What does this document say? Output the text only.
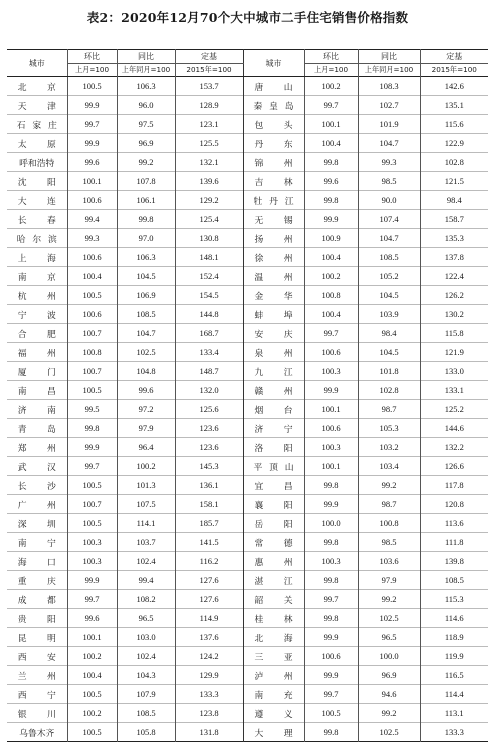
表2：2020年12月70个大中城市二手住宅销售价格指数
城市	环比	同比	定基	城市	环比	同比	定基
	上月=100	上年同月=100	2015年=100		上月=100	上年同月=100	2015年=100

北 京	100.5	106.3	153.7	唐 山	100.2	108.3	142.6

天 津	99.9	96.0	128.9	秦 皇 岛	99.7	102.7	135.1

石 家 庄	99.7	97.5	123.1	包 头	100.1	101.9	115.6

太 原	99.9	96.9	125.5	丹 东	100.4	104.7	122.9
呼和浩特	99.6	99.2	132.1	锦 州	99.8	99.3	102.8

沈 阳	100.1	107.8	139.6	吉 林	99.6	98.5	121.5

大 连	100.6	106.1	129.2	牡 丹 江	99.8	90.0	98.4

长 春	99.4	99.8	125.4	无 锡	99.9	107.4	158.7

哈 尔 滨	99.3	97.0	130.8	扬 州	100.9	104.7	135.3

上 海	100.6	106.3	148.1	徐 州	100.4	108.5	137.8

南 京	100.4	104.5	152.4	温 州	100.2	105.2	122.4

杭 州	100.5	106.9	154.5	金 华	100.8	104.5	126.2

宁 波	100.6	108.5	144.8	蚌 埠	100.4	103.9	130.2

合 肥	100.7	104.7	168.7	安 庆	99.7	98.4	115.8

福 州	100.8	102.5	133.4	泉 州	100.6	104.5	121.9

厦 门	100.7	104.8	148.7	九 江	100.3	101.8	133.0

南 昌	100.5	99.6	132.0	赣 州	99.9	102.8	133.1

济 南	99.5	97.2	125.6	烟 台	100.1	98.7	125.2

青 岛	99.8	97.9	123.6	济 宁	100.6	105.3	144.6

郑 州	99.9	96.4	123.6	洛 阳	100.3	103.2	132.2

武 汉	99.7	100.2	145.3	平 顶 山	100.1	103.4	126.6

长 沙	100.5	101.3	136.1	宜 昌	99.8	99.2	117.8

广 州	100.7	107.5	158.1	襄 阳	99.9	98.7	120.8

深 圳	100.5	114.1	185.7	岳 阳	100.0	100.8	113.6

南 宁	100.3	103.7	141.5	常 德	99.8	98.5	111.8

海 口	100.3	102.4	116.2	惠 州	100.3	103.6	139.8

重 庆	99.9	99.4	127.6	湛 江	99.8	97.9	108.5

成 都	99.7	108.2	127.6	韶 关	99.7	99.2	115.3

贵 阳	99.6	96.5	114.9	桂 林	99.8	102.5	114.6

昆 明	100.1	103.0	137.6	北 海	99.9	96.5	118.9

西 安	100.2	102.4	124.2	三 亚	100.6	100.0	119.9

兰 州	100.4	104.3	129.9	泸 州	99.9	96.9	116.5

西 宁	100.5	107.9	133.3	南 充	99.7	94.6	114.4

银 川	100.2	108.5	123.8	遵 义	100.5	99.2	113.1
乌鲁木齐	100.5	105.8	131.8	大 理	99.8	102.5	133.3
